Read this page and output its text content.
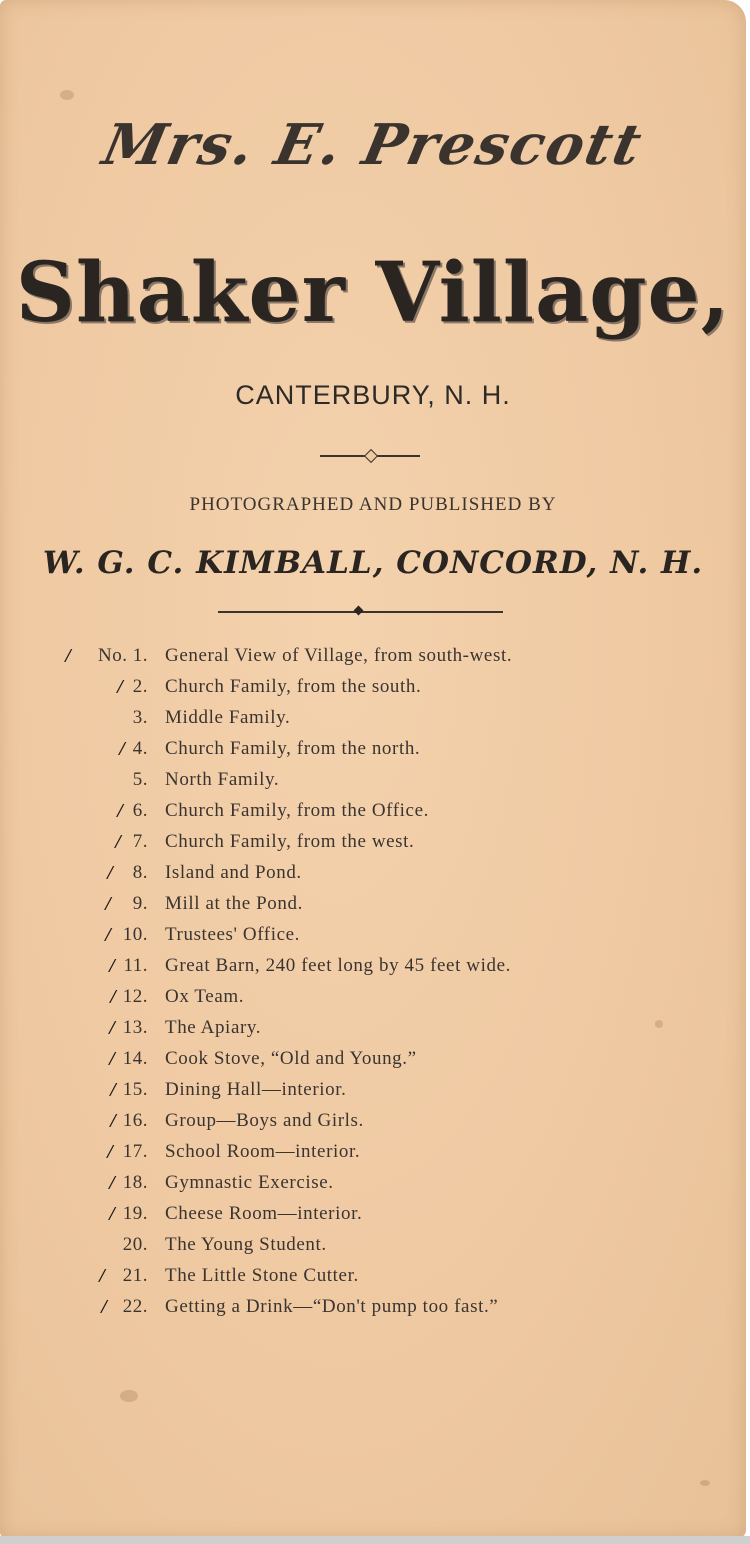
Mrs. E. Prescott
Shaker Village,
CANTERBURY, N. H.
PHOTOGRAPHED AND PUBLISHED BY
W. G. C. KIMBALL, CONCORD, N. H.
/	No. 1. General View of Village, from south-west.
/ 2. Church Family, from the south.
3. Middle Family.
/ 4. Church Family, from the north.
5. North Family.
/ 6. Church Family, from the Office.
/ 7. Church Family, from the west.
/	8. Island and Pond.
/	9. Mill at the Pond.
/ 10. Trustees' Office.
/ 11. Great Barn, 240 feet long by 45 feet wide.
/ 12. Ox Team.
/ 13. The Apiary.
/ 14. Cook Stove, “Old and Young.”
/ 15. Dining Hall—interior.
/ 16. Group—Boys and Girls.
/ 17. School Room—interior.
/ 18. Gymnastic Exercise.
/ 19. Cheese Room—interior.
20. The Young Student.
/ 21. The Little Stone Cutter.
/ 22. Getting a Drink—“Don't pump too fast.”
